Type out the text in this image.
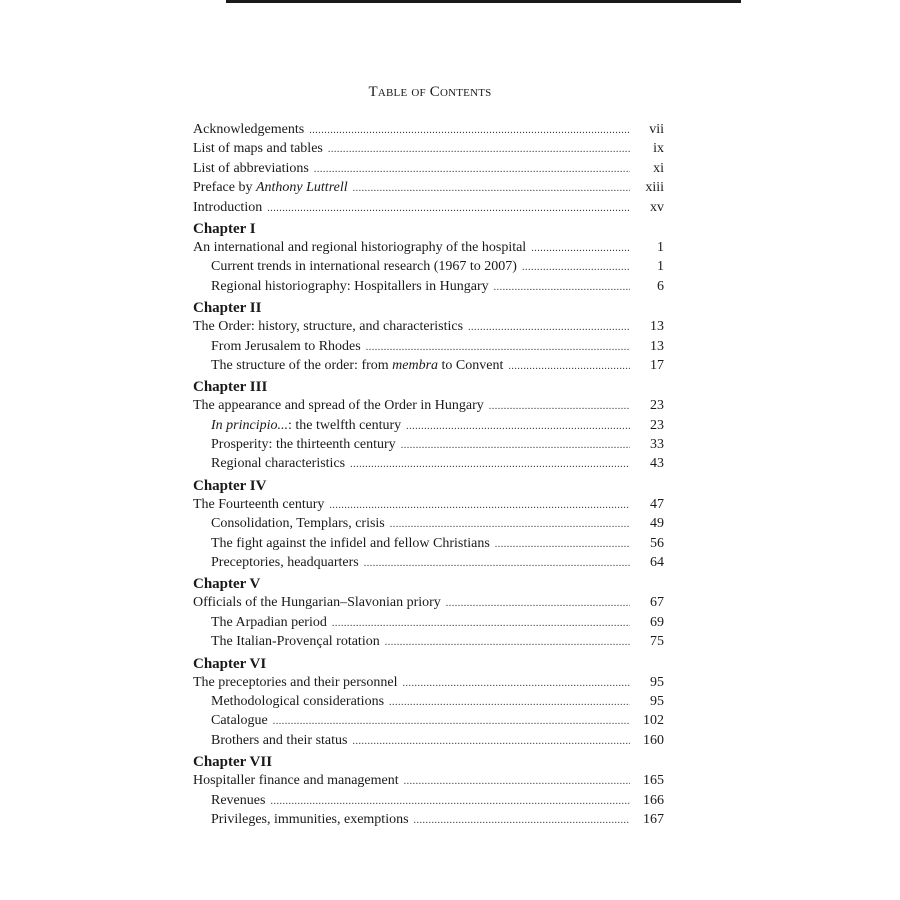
Table of Contents
Acknowledgements .....	vii
List of maps and tables .....	ix
List of abbreviations .....	xi
Preface by Anthony Luttrell .....	xiii
Introduction .....	xv
Chapter I
An international and regional historiography of the hospital .....	1
Current trends in international research (1967 to 2007) .....	1
Regional historiography: Hospitallers in Hungary .....	6
Chapter II
The Order: history, structure, and characteristics .....	13
From Jerusalem to Rhodes .....	13
The structure of the order: from membra to Convent .....	17
Chapter III
The appearance and spread of the Order in Hungary .....	23
In principio...: the twelfth century .....	23
Prosperity: the thirteenth century .....	33
Regional characteristics .....	43
Chapter IV
The Fourteenth century .....	47
Consolidation, Templars, crisis .....	49
The fight against the infidel and fellow Christians .....	56
Preceptories, headquarters .....	64
Chapter V
Officials of the Hungarian–Slavonian priory .....	67
The Arpadian period .....	69
The Italian-Provençal rotation .....	75
Chapter VI
The preceptories and their personnel .....	95
Methodological considerations .....	95
Catalogue .....	102
Brothers and their status .....	160
Chapter VII
Hospitaller finance and management .....	165
Revenues .....	166
Privileges, immunities, exemptions .....	167
